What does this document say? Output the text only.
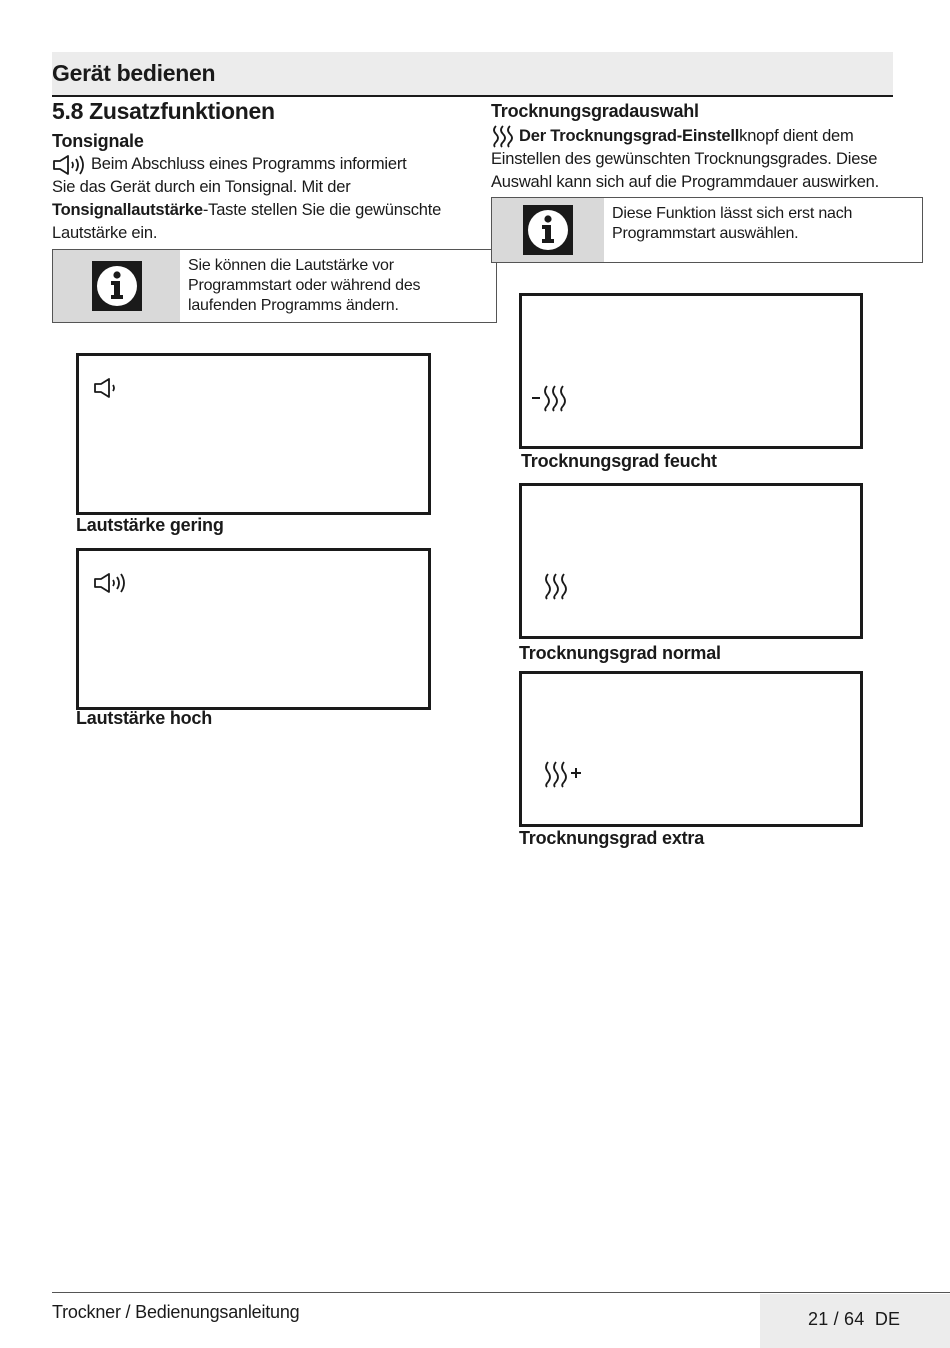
Gerät bedienen
5.8 Zusatzfunktionen
Tonsignale
Beim Abschluss eines Programms informiert
Sie das Gerät durch ein Tonsignal. Mit der
Tonsignallautstärke-Taste stellen Sie die gewünschte
Lautstärke ein.
Sie können die Lautstärke vor
Programmstart oder während des
laufenden Programms ändern.
Lautstärke gering
Lautstärke hoch
Trocknungsgradauswahl
Der Trocknungsgrad-Einstell knopf dient dem
Einstellen des gewünschten Trocknungsgrades. Diese
Auswahl kann sich auf die Programmdauer auswirken.
Diese Funktion lässt sich erst nach
Programmstart auswählen.
Trocknungsgrad feucht
Trocknungsgrad normal
Trocknungsgrad extra
Trockner / Bedienungsanleitung	21 / 64  DE
